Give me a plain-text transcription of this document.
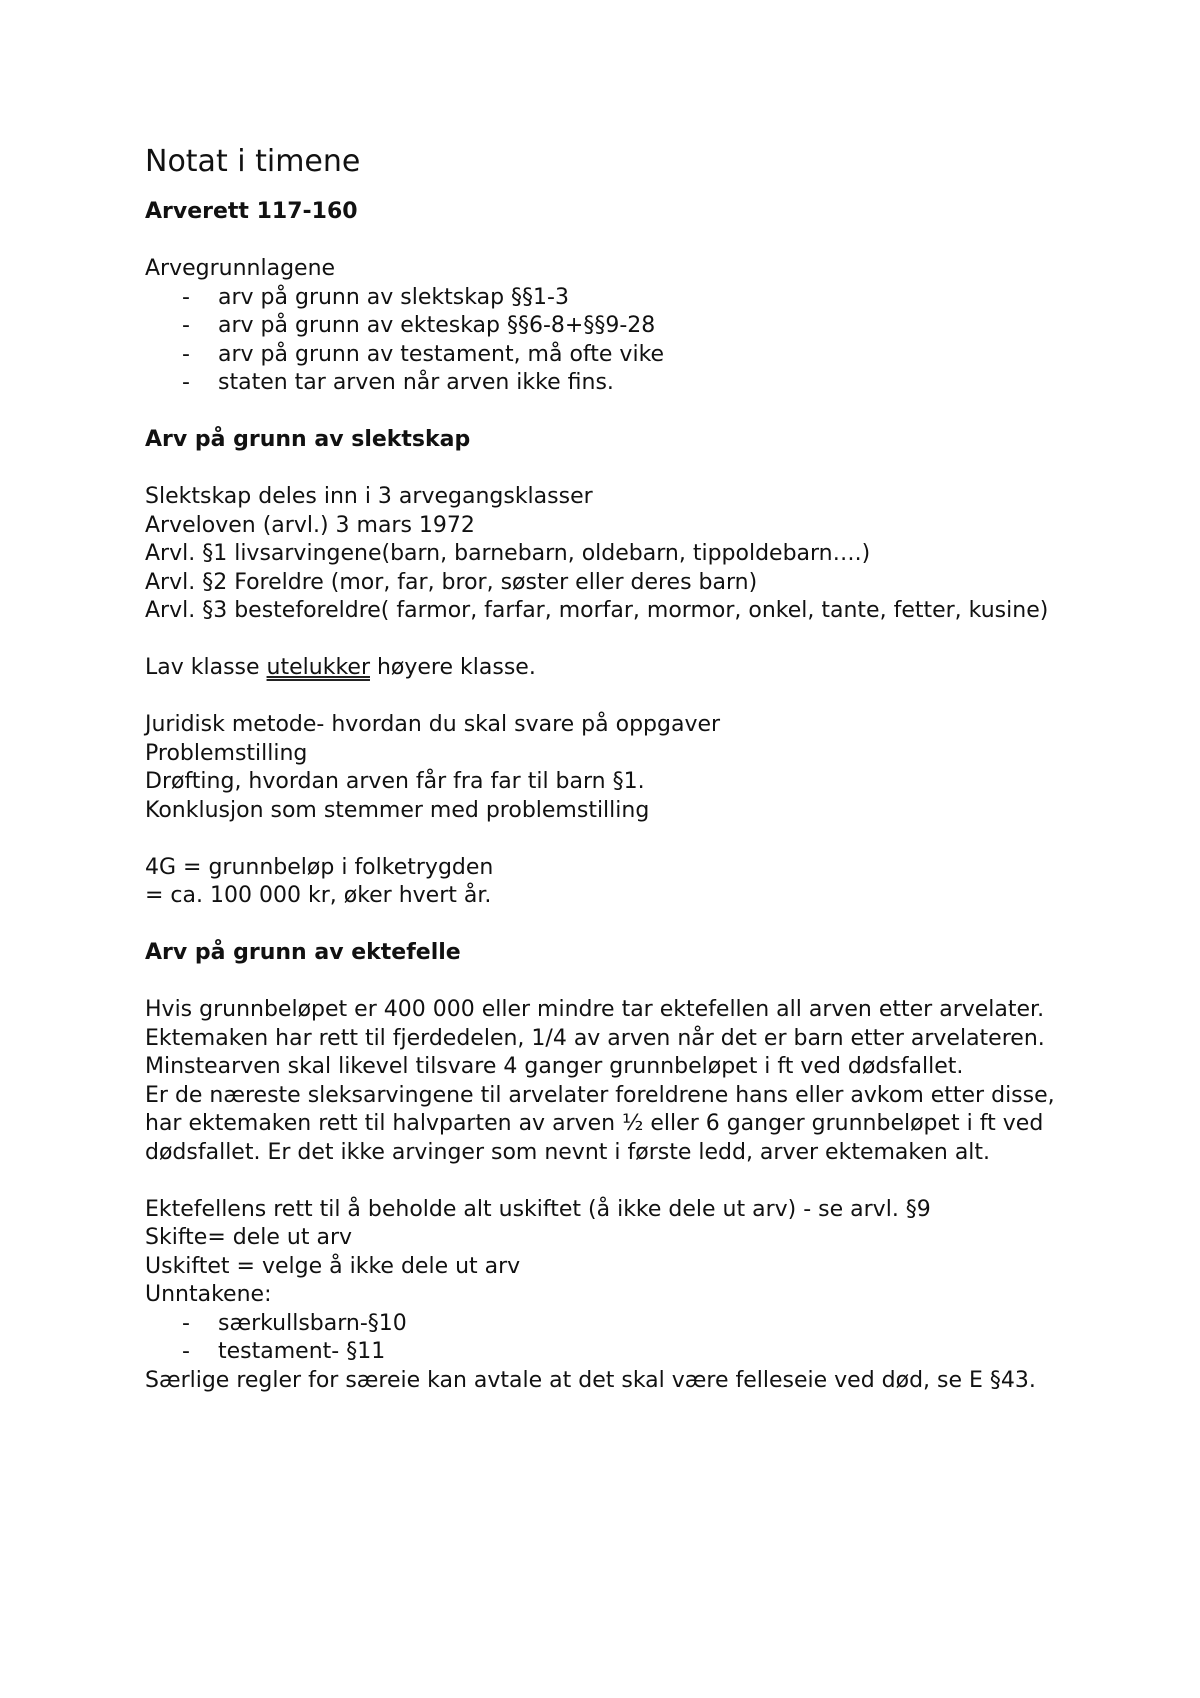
Notat i timene
Arverett 117-160
Arvegrunnlagene
- arv på grunn av slektskap §§1-3
- arv på grunn av ekteskap §§6-8+§§9-28
- arv på grunn av testament, må ofte vike
- staten tar arven når arven ikke fins.
Arv på grunn av slektskap
Slektskap deles inn i 3 arvegangsklasser
Arveloven (arvl.) 3 mars 1972
Arvl. §1 livsarvingene(barn, barnebarn, oldebarn, tippoldebarn….)
Arvl. §2 Foreldre (mor, far, bror, søster eller deres barn)
Arvl. §3 besteforeldre( farmor, farfar, morfar, mormor, onkel, tante, fetter, kusine)
Lav klasse utelukker høyere klasse.
Juridisk metode- hvordan du skal svare på oppgaver
Problemstilling
Drøfting, hvordan arven får fra far til barn §1.
Konklusjon som stemmer med problemstilling
4G = grunnbeløp i folketrygden
= ca. 100 000 kr, øker hvert år.
Arv på grunn av ektefelle
Hvis grunnbeløpet er 400 000 eller mindre tar ektefellen all arven etter arvelater.
Ektemaken har rett til fjerdedelen, 1/4 av arven når det er barn etter arvelateren. Minstearven skal likevel tilsvare 4 ganger grunnbeløpet i ft ved dødsfallet.
Er de næreste sleksarvingene til arvelater foreldrene hans eller avkom etter disse, har ektemaken rett til halvparten av arven ½ eller 6 ganger grunnbeløpet i ft ved dødsfallet. Er det ikke arvinger som nevnt i første ledd, arver ektemaken alt.
Ektefellens rett til å beholde alt uskiftet (å ikke dele ut arv) - se arvl. §9
Skifte= dele ut arv
Uskiftet = velge å ikke dele ut arv
Unntakene:
- særkullsbarn-§10
- testament- §11
Særlige regler for særeie kan avtale at det skal være felleseie ved død, se E §43.
